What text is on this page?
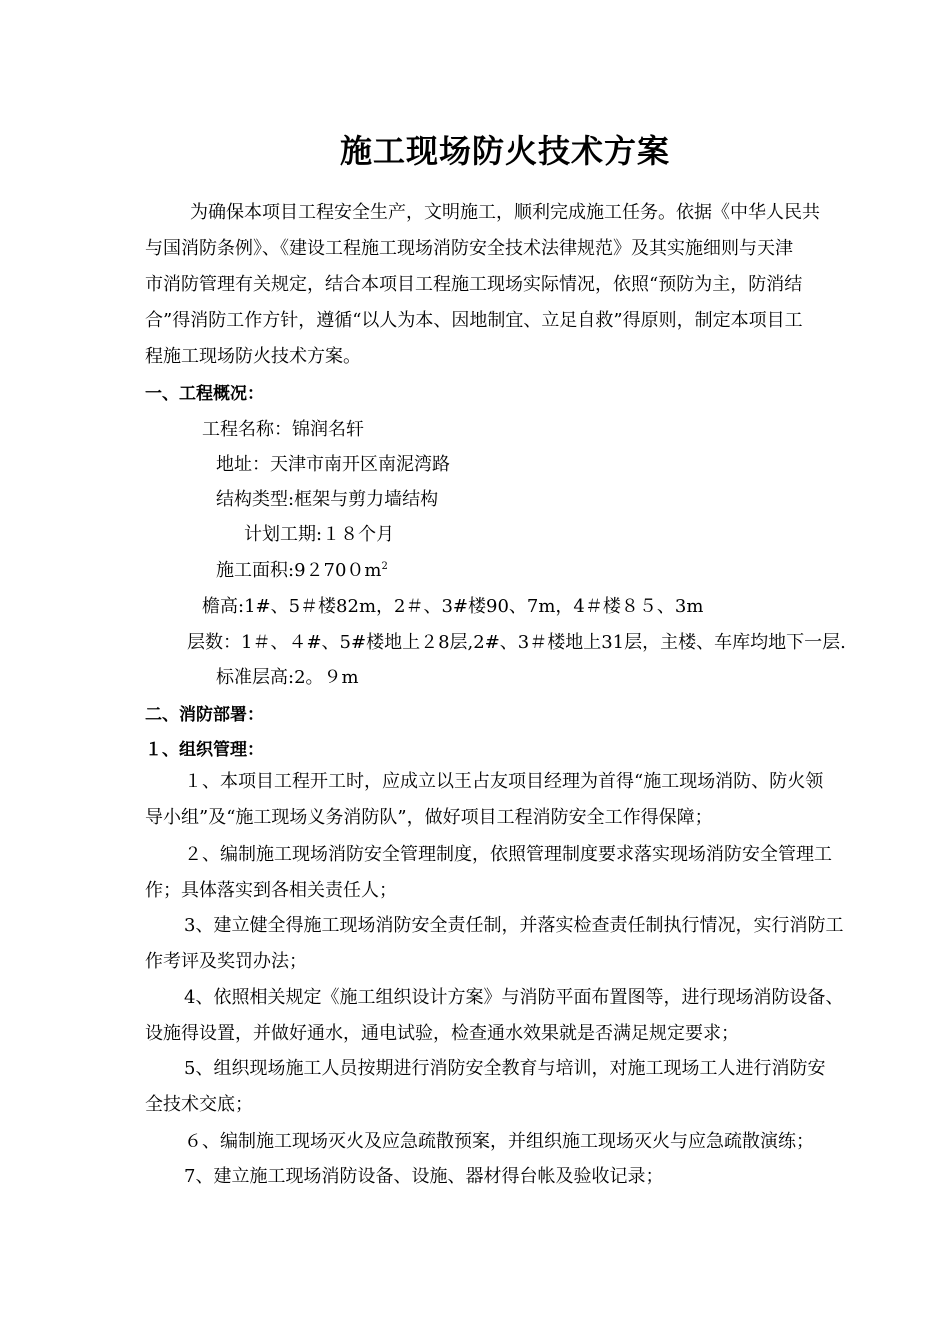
施工现场防火技术方案
为确保本项目工程安全生产，文明施工，顺利完成施工任务。依据《中华人民共
与国消防条例》、《建设工程施工现场消防安全技术法律规范》及其实施细则与天津
市消防管理有关规定，结合本项目工程施工现场实际情况，依照“预防为主，防消结
合”得消防工作方针，遵循“以人为本、因地制宜、立足自救”得原则，制定本项目工
程施工现场防火技术方案。
一、工程概况：
工程名称：锦润名轩
地址：天津市南开区南泥湾路
结构类型:框架与剪力墙结构
计划工期:１８个月
施工面积$:92700m^2$
檐高:1#、5＃楼82m，2＃、3#楼90、7m，4＃楼８５、3m
层数：1＃、４#、5#楼地上２8层,2#、3＃楼地上31层，主楼、车库均地下一层.
标准层高:2。９m
二、消防部署：
１、组织管理：
１、本项目工程开工时，应成立以王占友项目经理为首得“施工现场消防、防火领
导小组”及“施工现场义务消防队”，做好项目工程消防安全工作得保障；
２、编制施工现场消防安全管理制度，依照管理制度要求落实现场消防安全管理工
作；具体落实到各相关责任人；
3、建立健全得施工现场消防安全责任制，并落实检查责任制执行情况，实行消防工
作考评及奖罚办法；
4、依照相关规定《施工组织设计方案》与消防平面布置图等，进行现场消防设备、
设施得设置，并做好通水，通电试验，检查通水效果就是否满足规定要求；
5、组织现场施工人员按期进行消防安全教育与培训，对施工现场工人进行消防安
全技术交底；
６、编制施工现场灭火及应急疏散预案，并组织施工现场灭火与应急疏散演练；
7、建立施工现场消防设备、设施、器材得台帐及验收记录；
